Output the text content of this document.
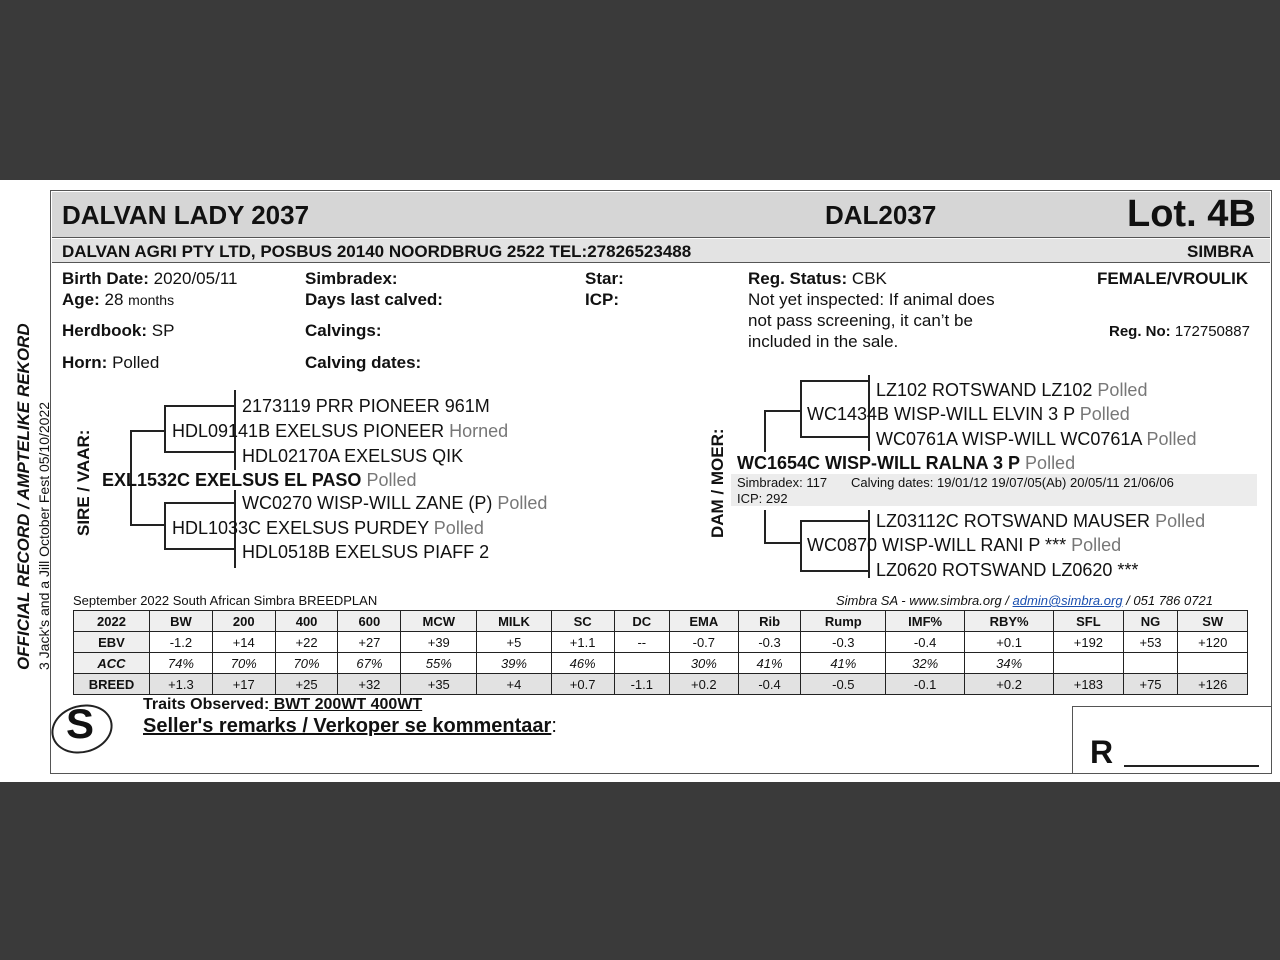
DALVAN LADY 2037	DAL2037	Lot. 4B
DALVAN AGRI PTY LTD, POSBUS 20140 NOORDBRUG 2522 TEL:27826523488	SIMBRA
OFFICIAL RECORD / AMPTELIKE REKORD 3 Jack's and a Jill October Fest 05/10/2022
Birth Date: 2020/05/11
Age: 28 months
Herdbook: SP
Horn: Polled
Simbradex:
Days last calved:
Calvings:
Calving dates:
Star:
ICP:
Reg. Status: CBK
Not yet inspected: If animal does
not pass screening, it can’t be
included in the sale.
FEMALE/VROULIK
Reg. No: 172750887
SIRE / VAAR:
2173119 PRR PIONEER 961M
HDL09141B EXELSUS PIONEER Horned
HDL02170A EXELSUS QIK
EXL1532C EXELSUS EL PASO Polled
WC0270 WISP-WILL ZANE (P) Polled
HDL1033C EXELSUS PURDEY Polled
HDL0518B EXELSUS PIAFF 2
DAM / MOER:
LZ102 ROTSWAND LZ102 Polled
WC1434B WISP-WILL ELVIN 3 P Polled
WC0761A WISP-WILL WC0761A Polled
WC1654C WISP-WILL RALNA 3 P Polled
Simbradex: 117 Calving dates: 19/01/12 19/07/05(Ab) 20/05/11 21/06/06
ICP: 292
LZ03112C ROTSWAND MAUSER Polled
WC0870 WISP-WILL RANI P *** Polled
LZ0620 ROTSWAND LZ0620 ***
September 2022 South African Simbra BREEDPLAN	Simbra SA - www.simbra.org / admin@simbra.org / 051 786 0721
2022	BW	200	400	600	MCW	MILK	SC	DC	EMA	Rib	Rump	IMF%	RBY%	SFL	NG	SW
EBV	-1.2	+14	+22	+27	+39	+5	+1.1	--	-0.7	-0.3	-0.3	-0.4	+0.1	+192	+53	+120
ACC	74%	70%	70%	67%	55%	39%	46%		30%	41%	41%	32%	34%			
BREED	+1.3	+17	+25	+32	+35	+4	+0.7	-1.1	+0.2	-0.4	-0.5	-0.1	+0.2	+183	+75	+126
S	Traits Observed: BWT 200WT 400WT
Seller's remarks / Verkoper se kommentaar:
R
